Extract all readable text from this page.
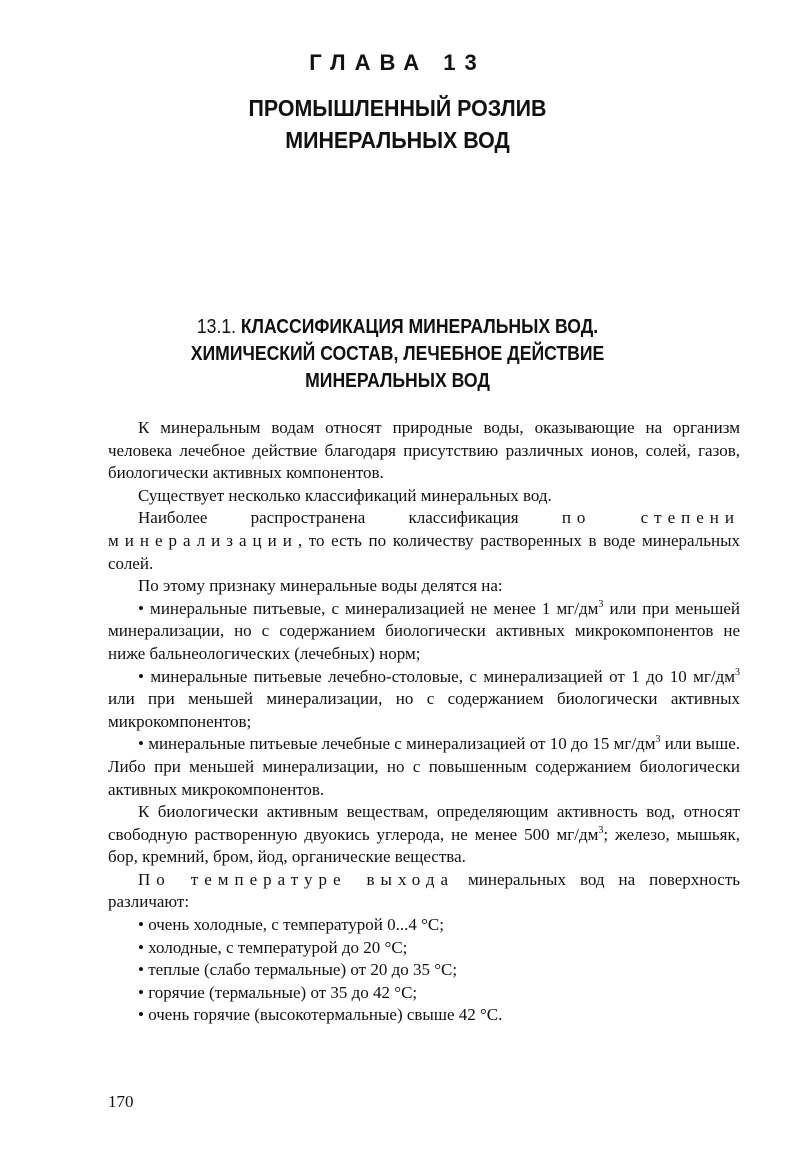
ГЛАВА 13
ПРОМЫШЛЕННЫЙ РОЗЛИВ
МИНЕРАЛЬНЫХ ВОД
13.1. КЛАССИФИКАЦИЯ МИНЕРАЛЬНЫХ ВОД.
ХИМИЧЕСКИЙ СОСТАВ, ЛЕЧЕБНОЕ ДЕЙСТВИЕ
МИНЕРАЛЬНЫХ ВОД

К минеральным водам относят природные воды, оказывающие на организм человека лечебное действие благодаря присутствию различных ионов, солей, газов, биологически активных компонентов.

Существует несколько классификаций минеральных вод.

Наиболее распространена классификация по степени минерализации, то есть по количеству растворенных в воде минеральных солей.

По этому признаку минеральные воды делятся на:

• минеральные питьевые, с минерализацией не менее 1 $мг/дм^3$ или при меньшей минерализации, но с содержанием биологически активных микрокомпонентов не ниже бальнеологических (лечебных) норм;

• минеральные питьевые лечебно-столовые, с минерализацией от 1 до 10 $мг/дм^3$ или при меньшей минерализации, но с содержанием биологически активных микрокомпонентов;

• минеральные питьевые лечебные с минерализацией от 10 до 15 $мг/дм^3$ или выше. Либо при меньшей минерализации, но с повышенным содержанием биологически активных микрокомпонентов.

К биологически активным веществам, определяющим активность вод, относят свободную растворенную двуокись углерода, не менее 500 $мг/дм^3$; железо, мышьяк, бор, кремний, бром, йод, органические вещества.

По температуре выхода минеральных вод на поверхность различают:

• очень холодные, с температурой 0...4 °С;

• холодные, с температурой до 20 °С;

• теплые (слабо термальные) от 20 до 35 °С;

• горячие (термальные) от 35 до 42 °С;

• очень горячие (высокотермальные) свыше 42 °С.

170
